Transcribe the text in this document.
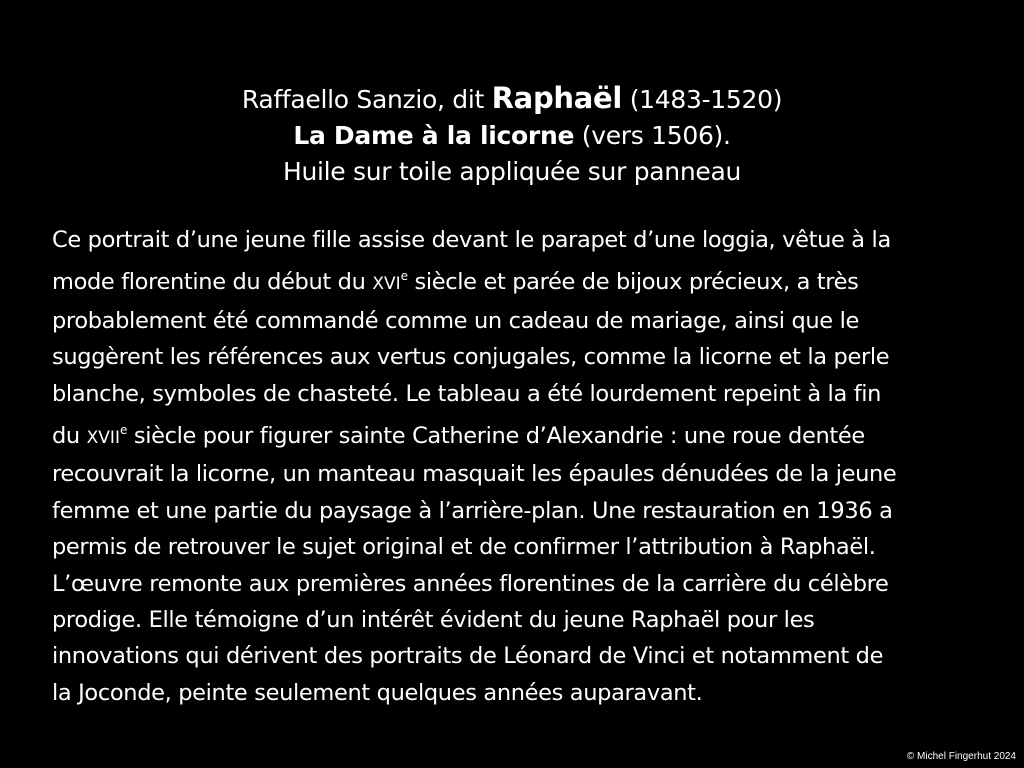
Raffaello Sanzio, dit Raphaël (1483-1520)
La Dame à la licorne (vers 1506).
Huile sur toile appliquée sur panneau
Ce portrait d’une jeune fille assise devant le parapet d’une loggia, vêtue à la
mode florentine du début du XVIe siècle et parée de bijoux précieux, a très
probablement été commandé comme un cadeau de mariage, ainsi que le
suggèrent les références aux vertus conjugales, comme la licorne et la perle
blanche, symboles de chasteté. Le tableau a été lourdement repeint à la fin
du XVIIe siècle pour figurer sainte Catherine d’Alexandrie : une roue dentée
recouvrait la licorne, un manteau masquait les épaules dénudées de la jeune
femme et une partie du paysage à l’arrière-plan. Une restauration en 1936 a
permis de retrouver le sujet original et de confirmer l’attribution à Raphaël.
L’œuvre remonte aux premières années florentines de la carrière du célèbre
prodige. Elle témoigne d’un intérêt évident du jeune Raphaël pour les
innovations qui dérivent des portraits de Léonard de Vinci et notamment de
la Joconde, peinte seulement quelques années auparavant.
© Michel Fingerhut 2024
